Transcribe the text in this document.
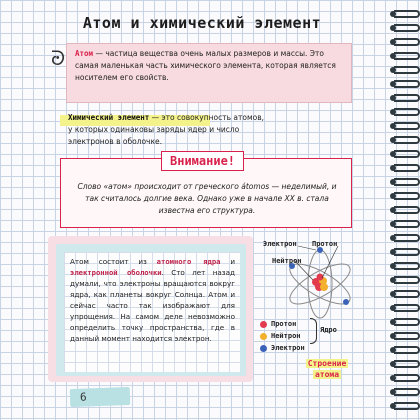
Атом и химический элемент
ᘒ Атом — частица вещества очень малых размеров и массы. Это самая маленькая часть химического элемента, которая является носителем его свойств.
Химический элемент — это совокупность атомов, у которых одинаковы заряды ядер и число электронов в оболочке.
Внимание!
Слово «атом» происходит от греческого átomos — неделимый, и так считалось долгие века. Однако уже в начале XX в. стала известна его структура.
Атом состоит из атомного ядра и электронной оболочки. Сто лет назад думали, что электроны вращаются вокруг ядра, как планеты вокруг Солнца. Атом и сейчас часто так изображают для упрощения. На самом деле невозможно определить точку пространства, где в данный момент находится электрон.
Электрон Протон
Нейтрон
Протон
Нейтрон
Электрон
Ядро
Строение
атома
6
